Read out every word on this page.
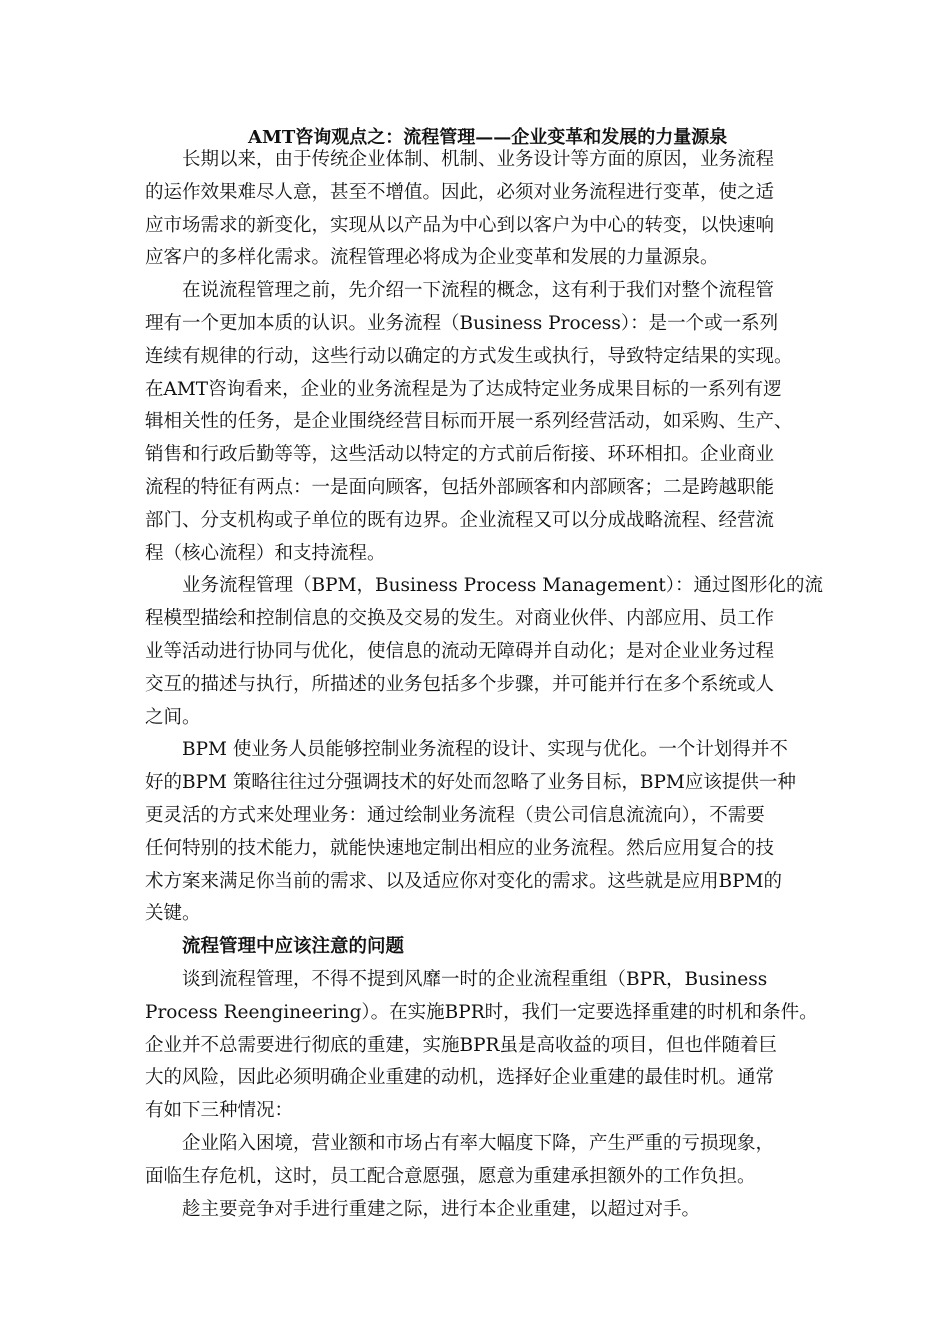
AMT咨询观点之：流程管理——企业变革和发展的力量源泉
长期以来，由于传统企业体制、机制、业务设计等方面的原因，业务流程
的运作效果难尽人意，甚至不增值。因此，必须对业务流程进行变革，使之适
应市场需求的新变化，实现从以产品为中心到以客户为中心的转变，以快速响
应客户的多样化需求。流程管理必将成为企业变革和发展的力量源泉。
在说流程管理之前，先介绍一下流程的概念，这有利于我们对整个流程管
理有一个更加本质的认识。业务流程（Business Process）：是一个或一系列
连续有规律的行动，这些行动以确定的方式发生或执行，导致特定结果的实现。
在AMT咨询看来，企业的业务流程是为了达成特定业务成果目标的一系列有逻
辑相关性的任务，是企业围绕经营目标而开展一系列经营活动，如采购、生产、
销售和行政后勤等等，这些活动以特定的方式前后衔接、环环相扣。企业商业
流程的特征有两点：一是面向顾客，包括外部顾客和内部顾客；二是跨越职能
部门、分支机构或子单位的既有边界。企业流程又可以分成战略流程、经营流
程（核心流程）和支持流程。
业务流程管理（BPM，Business Process Management）：通过图形化的流
程模型描绘和控制信息的交换及交易的发生。对商业伙伴、内部应用、员工作
业等活动进行协同与优化，使信息的流动无障碍并自动化；是对企业业务过程
交互的描述与执行，所描述的业务包括多个步骤，并可能并行在多个系统或人
之间。
BPM 使业务人员能够控制业务流程的设计、实现与优化。一个计划得并不
好的BPM 策略往往过分强调技术的好处而忽略了业务目标，BPM应该提供一种
更灵活的方式来处理业务：通过绘制业务流程（贵公司信息流流向），不需要
任何特别的技术能力，就能快速地定制出相应的业务流程。然后应用复合的技
术方案来满足你当前的需求、以及适应你对变化的需求。这些就是应用BPM的
关键。
流程管理中应该注意的问题
谈到流程管理，不得不提到风靡一时的企业流程重组（BPR，Business
Process Reengineering）。在实施BPR时，我们一定要选择重建的时机和条件。
企业并不总需要进行彻底的重建，实施BPR虽是高收益的项目，但也伴随着巨
大的风险，因此必须明确企业重建的动机，选择好企业重建的最佳时机。通常
有如下三种情况：
企业陷入困境，营业额和市场占有率大幅度下降，产生严重的亏损现象，
面临生存危机，这时，员工配合意愿强，愿意为重建承担额外的工作负担。
趁主要竞争对手进行重建之际，进行本企业重建，以超过对手。
